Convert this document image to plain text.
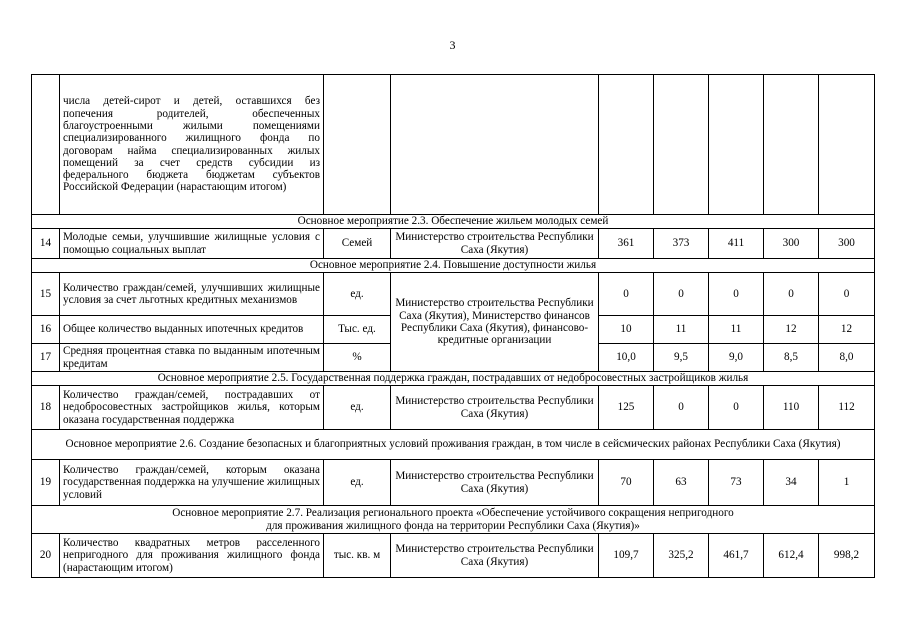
3
	числа детей-сирот и детей, оставшихся без попечения родителей, обеспеченных благоустроенными жилыми помещениями специализированного жилищного фонда по договорам найма специализированных жилых помещений за счет средств субсидии из федерального бюджета бюджетам субъектов Российской Федерации (нарастающим итогом)							
Основное мероприятие 2.3. Обеспечение жильем молодых семей								
14	Молодые семьи, улучшившие жилищные условия с помощью социальных выплат	Семей	Министерство строительства Республики Саха (Якутия)	361	373	411	300	300
Основное мероприятие 2.4. Повышение доступности жилья								
15	Количество граждан/семей, улучшивших жилищные условия за счет льготных кредитных механизмов	ед.	Министерство строительства Республики Саха (Якутия), Министерство финансов Республики Саха (Якутия), финансово-кредитные организации	0	0	0	0	0
16	Общее количество выданных ипотечных кредитов	Тыс. ед.		10	11	11	12	12
17	Средняя процентная ставка по выданным ипотечным кредитам	%		10,0	9,5	9,0	8,5	8,0
Основное мероприятие 2.5. Государственная поддержка граждан, пострадавших от недобросовестных застройщиков жилья								
18	Количество граждан/семей, пострадавших от недобросовестных застройщиков жилья, которым оказана государственная поддержка	ед.	Министерство строительства Республики Саха (Якутия)	125	0	0	110	112
Основное мероприятие 2.6. Создание безопасных и благоприятных условий проживания граждан, в том числе в сейсмических районах Республики Саха (Якутия)								
19	Количество граждан/семей, которым оказана государственная поддержка на улучшение жилищных условий	ед.	Министерство строительства Республики Саха (Якутия)	70	63	73	34	1

Основное мероприятие 2.7. Реализация регионального проекта «Обеспечение устойчивого сокращения непригодного
для проживания жилищного фонда на территории Республики Саха (Якутия)»								

20	Количество квадратных метров расселенного непригодного для проживания жилищного фонда (нарастающим итогом)	тыс. кв. м	Министерство строительства Республики Саха (Якутия)	109,7	325,2	461,7	612,4	998,2
